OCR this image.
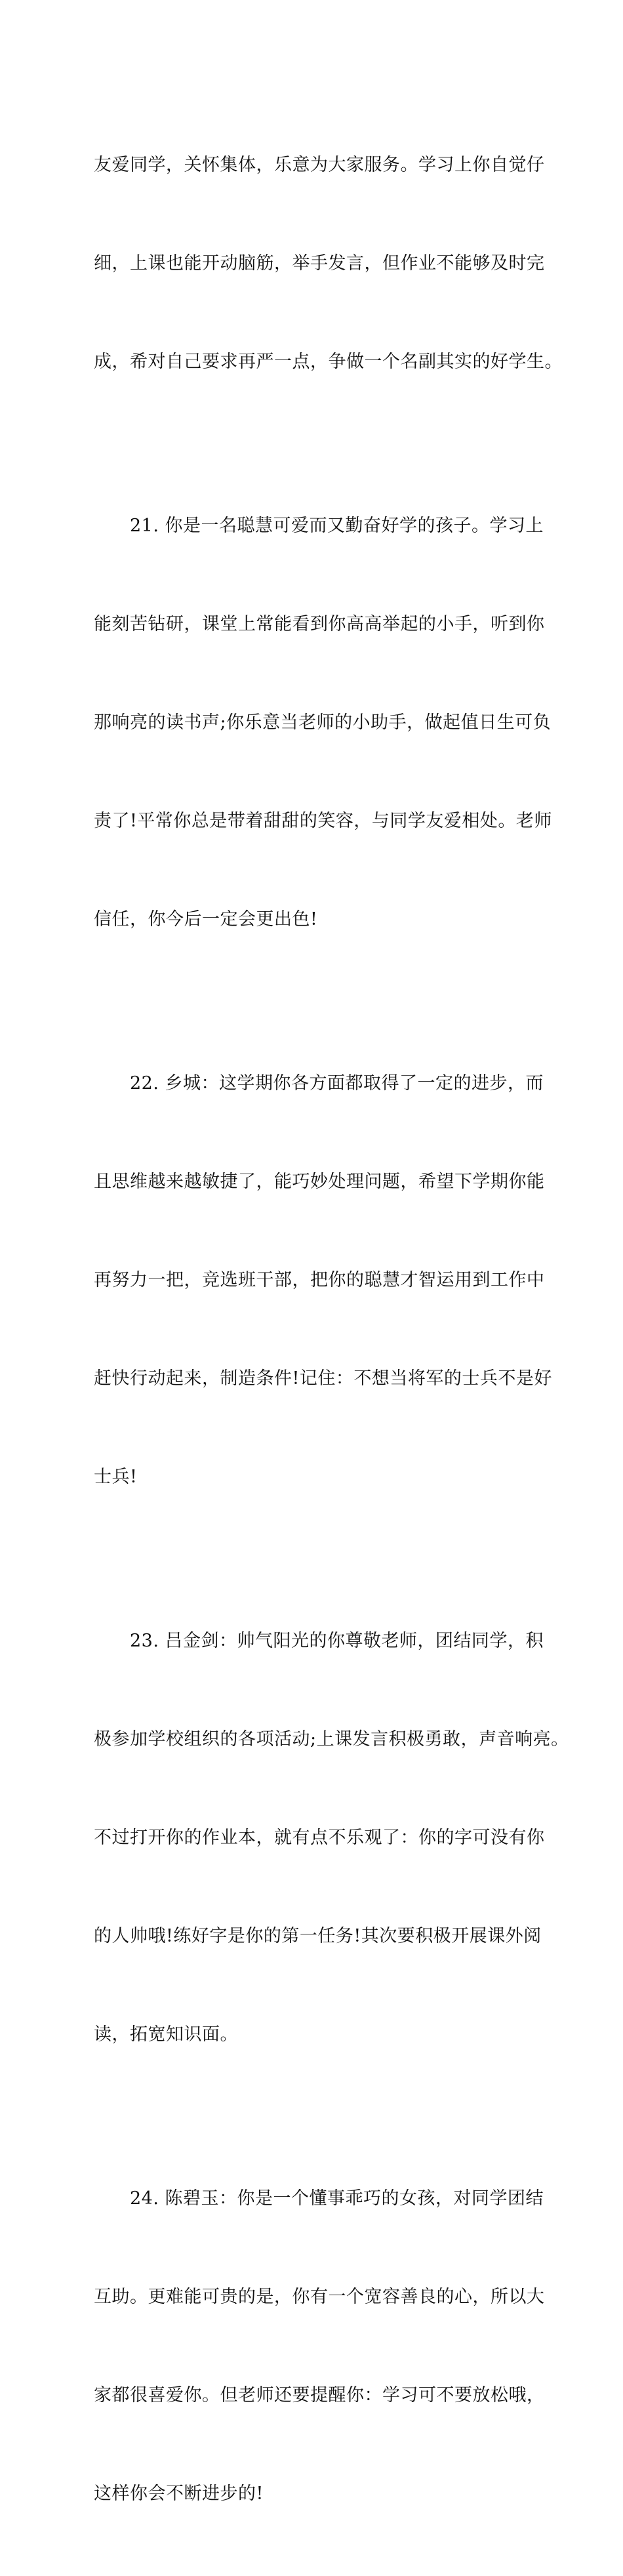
友爱同学，关怀集体，乐意为大家服务。学习上你自觉仔

细，上课也能开动脑筋，举手发言，但作业不能够及时完

成，希对自己要求再严一点，争做一个名副其实的好学生。

21. 你是一名聪慧可爱而又勤奋好学的孩子。学习上

能刻苦钻研，课堂上常能看到你高高举起的小手，听到你

那响亮的读书声;你乐意当老师的小助手，做起值日生可负

责了!平常你总是带着甜甜的笑容，与同学友爱相处。老师

信任，你今后一定会更出色!

22. 乡城：这学期你各方面都取得了一定的进步，而

且思维越来越敏捷了，能巧妙处理问题，希望下学期你能

再努力一把，竞选班干部，把你的聪慧才智运用到工作中

赶快行动起来，制造条件!记住：不想当将军的士兵不是好

士兵!

23. 吕金剑：帅气阳光的你尊敬老师，团结同学，积

极参加学校组织的各项活动;上课发言积极勇敢，声音响亮。

不过打开你的作业本，就有点不乐观了：你的字可没有你

的人帅哦!练好字是你的第一任务!其次要积极开展课外阅

读，拓宽知识面。

24. 陈碧玉：你是一个懂事乖巧的女孩，对同学团结

互助。更难能可贵的是，你有一个宽容善良的心，所以大

家都很喜爱你。但老师还要提醒你：学习可不要放松哦，

这样你会不断进步的!
